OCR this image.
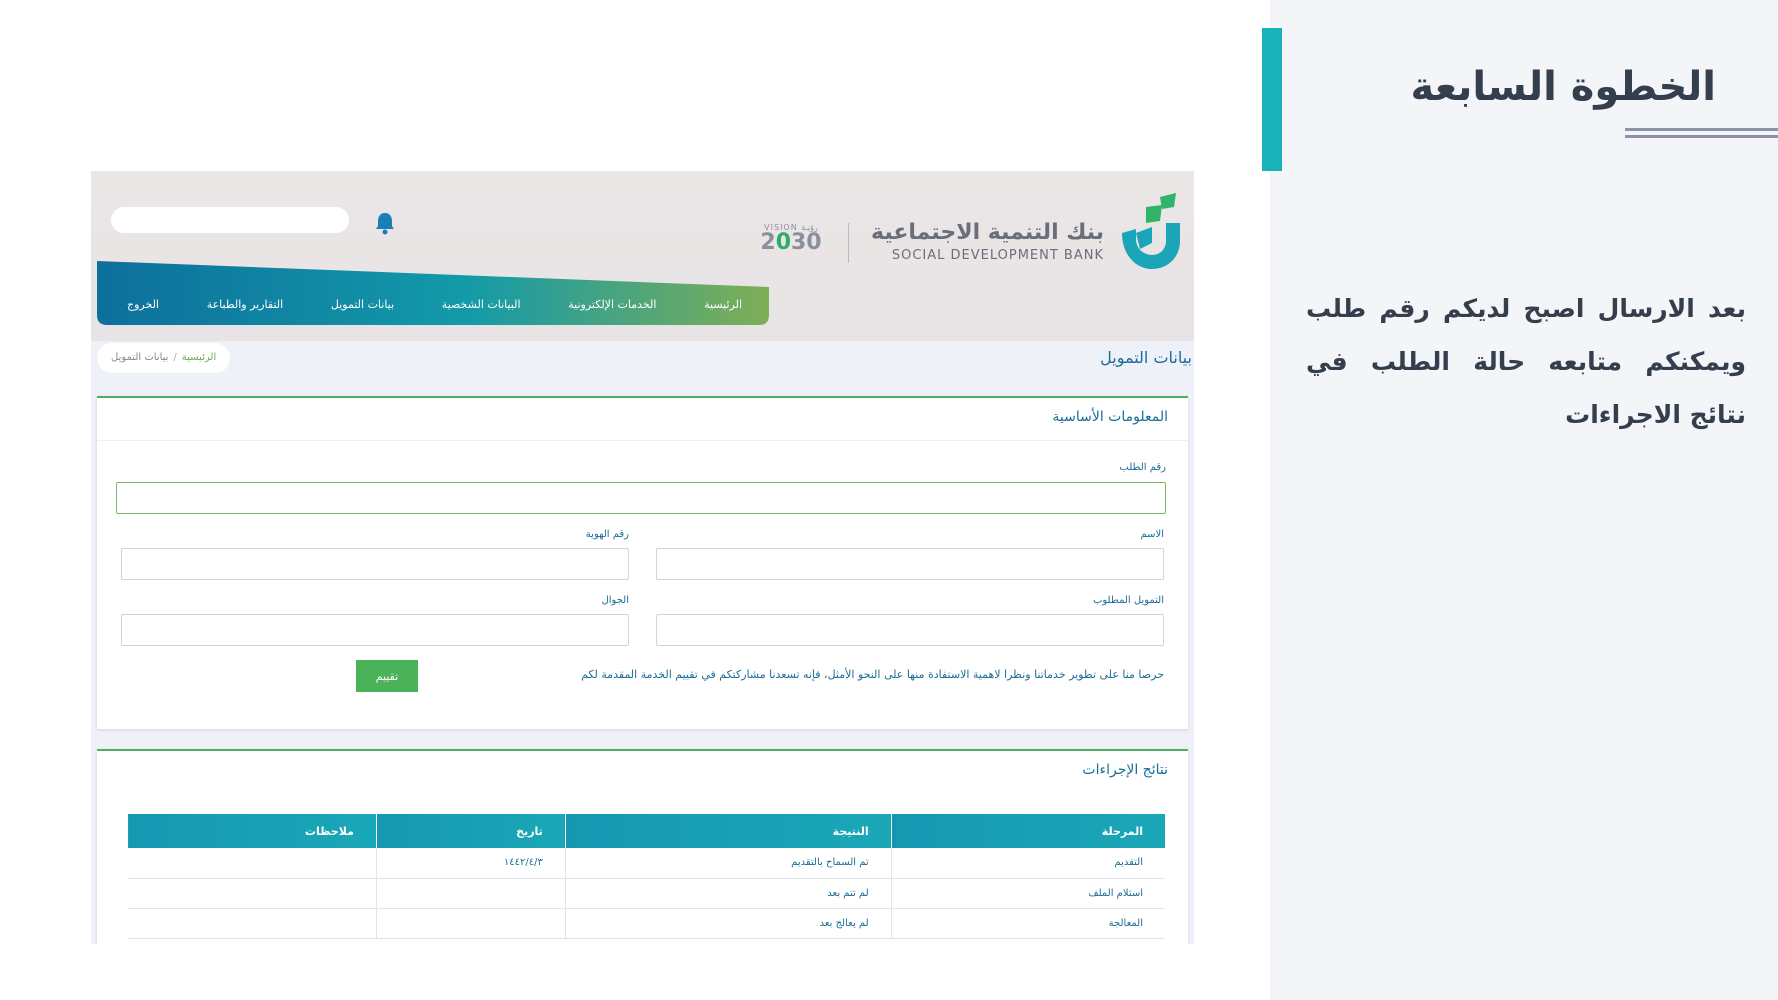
الخطوة السابعة
بعد الارسال اصبح لديكم رقم طلب ويمكنكم متابعه حالة الطلب في نتائج الاجراءات
بنك التنمية الاجتماعية
SOCIAL DEVELOPMENT BANK
VISION رؤيـة
2030
الرئيسية
الخدمات الإلكترونية
البيانات الشخصية
بيانات التمويل
التقارير والطباعة
الخروج
بيانات التمويل
الرئيسية/بيانات التمويل
المعلومات الأساسية
رقم الطلب
الاسم
رقم الهوية
التمويل المطلوب
الجوال
حرصا منا على تطوير خدماتنا ونظرا لاهمية الاستفادة منها على النحو الأمثل، فإنه تسعدنا مشاركتكم في تقييم الخدمة المقدمة لكم
تقييم
نتائج الإجراءات
المرحلة	النتيجة	تاريخ	ملاحظات
التقديم	تم السماح بالتقديم	١٤٤٢/٤/٣	
استلام الملف	لم تتم بعد		
المعالجة	لم يعالج بعد		
